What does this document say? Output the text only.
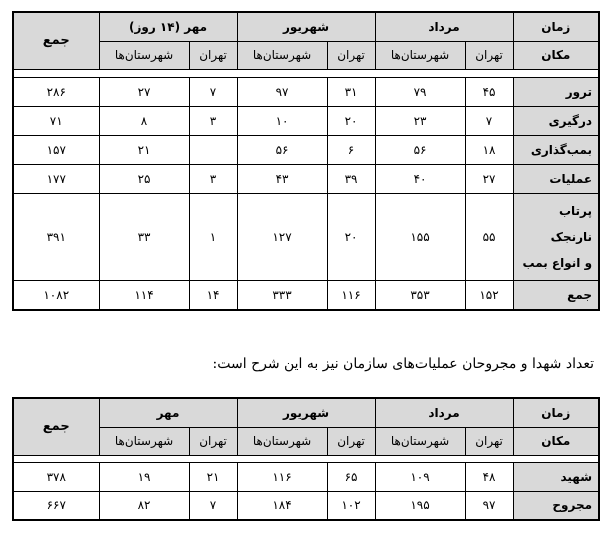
زمان	مرداد		شهریور		مهر (۱۴ روز)		جمع
مکان	تهران	شهرستان‌ها	تهران	شهرستان‌ها	تهران	شهرستان‌ها	

ترور	۴۵	۷۹	۳۱	۹۷	۷	۲۷	۲۸۶
درگیری	۷	۲۳	۲۰	۱۰	۳	۸	۷۱
بمب‌گذاری	۱۸	۵۶	۶	۵۶		۲۱	۱۵۷
عملیات	۲۷	۴۰	۳۹	۴۳	۳	۲۵	۱۷۷

پرتاب
نارنجک
و انواع بمب	۵۵	۱۵۵	۲۰	۱۲۷	۱	۳۳	۳۹۱
جمع	۱۵۲	۳۵۳	۱۱۶	۳۳۳	۱۴	۱۱۴	۱۰۸۲
تعداد شهدا و مجروحان عملیات‌های سازمان نیز به این شرح است:
زمان	مرداد		شهریور		مهر		جمع
مکان	تهران	شهرستان‌ها	تهران	شهرستان‌ها	تهران	شهرستان‌ها	

شهید	۴۸	۱۰۹	۶۵	۱۱۶	۲۱	۱۹	۳۷۸
مجروح	۹۷	۱۹۵	۱۰۲	۱۸۴	۷	۸۲	۶۶۷
